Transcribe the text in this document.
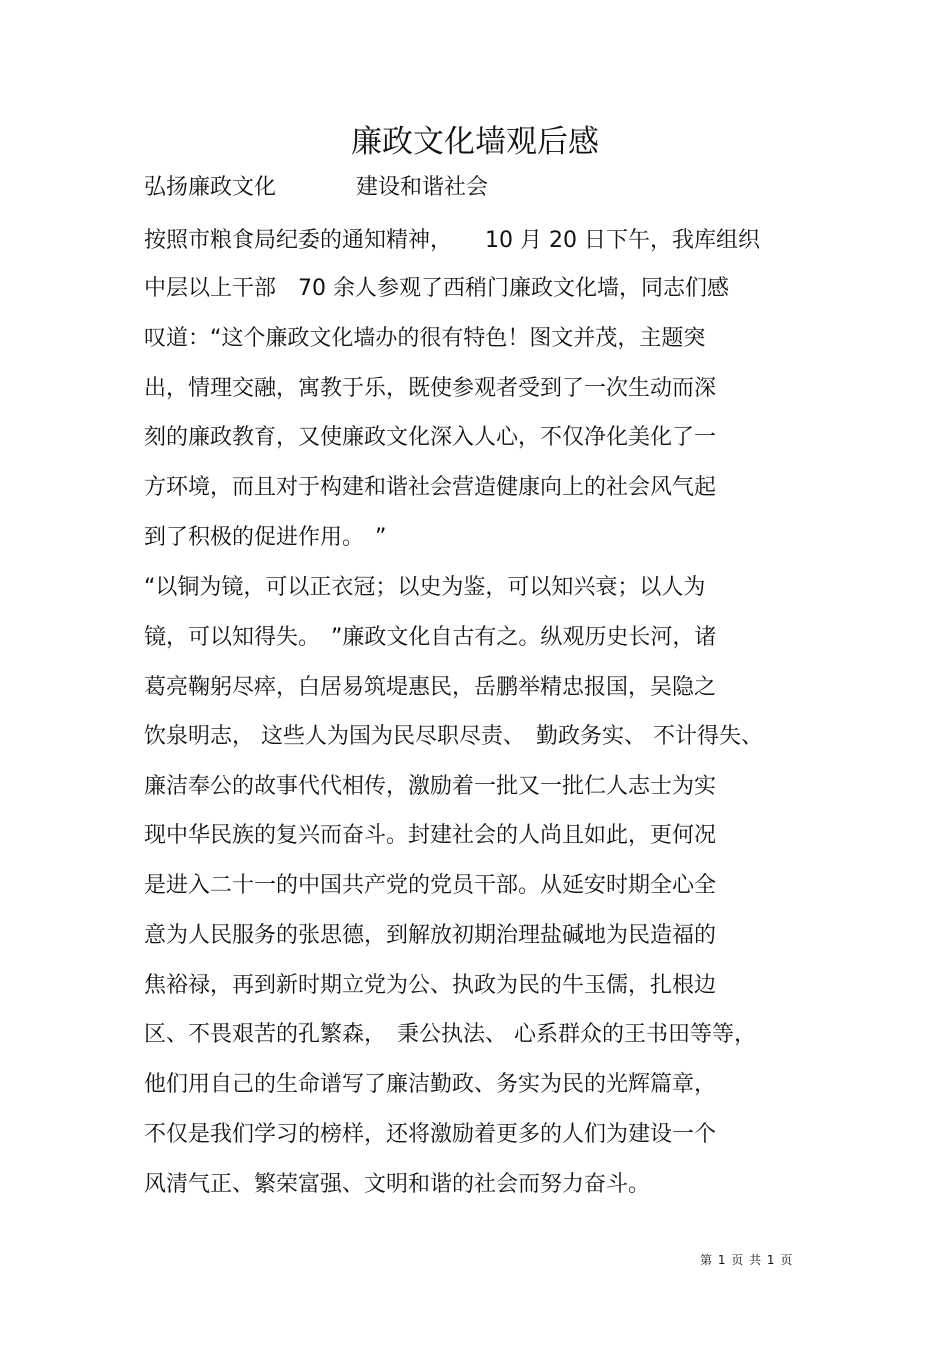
廉政文化墙观后感
弘扬廉政文化	建设和谐社会
按照市粮食局纪委的通知精神，　　10 月 20 日下午，我库组织
中层以上干部　70 余人参观了西稍门廉政文化墙，同志们感
叹道：“这个廉政文化墙办的很有特色！图文并茂，主题突
出，情理交融，寓教于乐，既使参观者受到了一次生动而深
刻的廉政教育，又使廉政文化深入人心，不仅净化美化了一
方环境，而且对于构建和谐社会营造健康向上的社会风气起
到了积极的促进作用。　”
“以铜为镜，可以正衣冠；以史为鉴，可以知兴衰；以人为
镜，可以知得失。　”廉政文化自古有之。纵观历史长河，诸
葛亮鞠躬尽瘁，白居易筑堤惠民，岳鹏举精忠报国，吴隐之
饮泉明志， 这些人为国为民尽职尽责、　勤政务实、 不计得失、
廉洁奉公的故事代代相传，激励着一批又一批仁人志士为实
现中华民族的复兴而奋斗。封建社会的人尚且如此，更何况
是进入二十一的中国共产党的党员干部。从延安时期全心全
意为人民服务的张思德，到解放初期治理盐碱地为民造福的
焦裕禄，再到新时期立党为公、执政为民的牛玉儒，扎根边
区、不畏艰苦的孔繁森，　秉公执法、 心系群众的王书田等等，
他们用自己的生命谱写了廉洁勤政、务实为民的光辉篇章，
不仅是我们学习的榜样，还将激励着更多的人们为建设一个
风清气正、繁荣富强、文明和谐的社会而努力奋斗。
第 1 页 共 1 页
